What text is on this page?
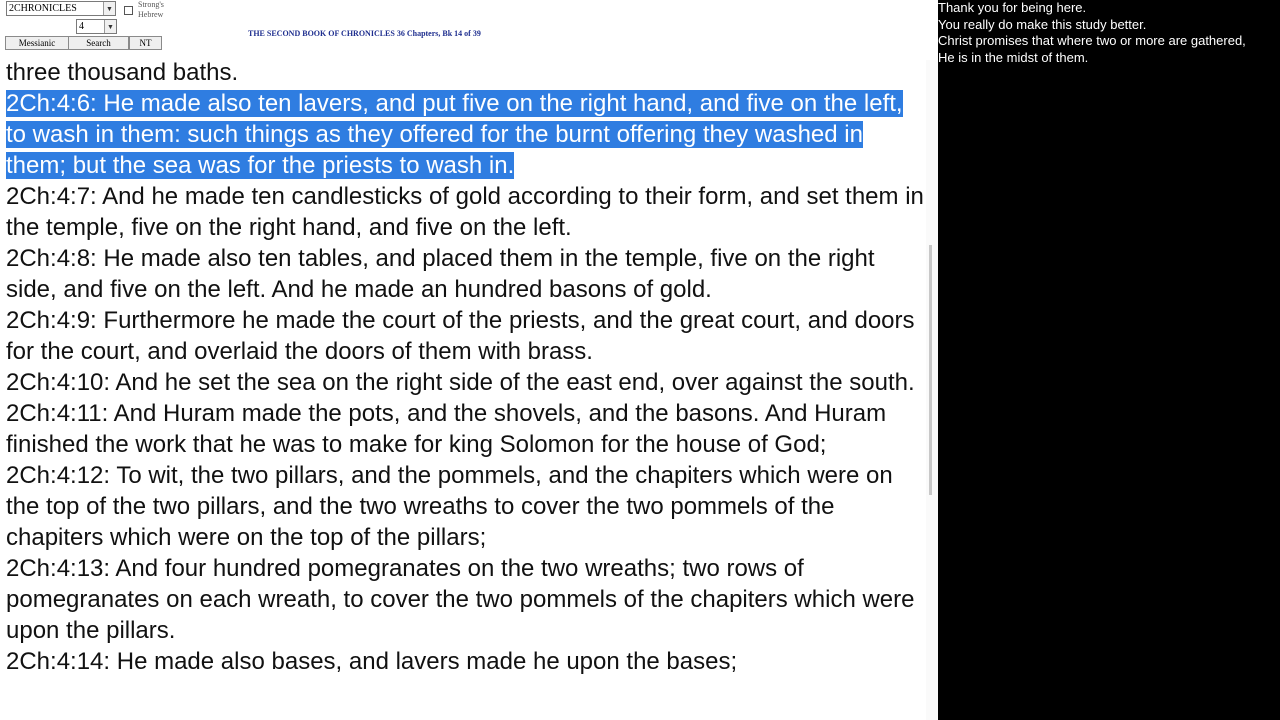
2CHRONICLES	▼
4	▼
Strong's Hebrew
Messianic	Search	NT
THE SECOND BOOK OF CHRONICLES 36 Chapters, Bk 14 of 39

three thousand baths.

2Ch:4:6: He made also ten lavers, and put five on the right hand, and five on the left, to wash in them: such things as they offered for the burnt offering they washed in them; but the sea was for the priests to wash in.

2Ch:4:7: And he made ten candlesticks of gold according to their form, and set them in the temple, five on the right hand, and five on the left.

2Ch:4:8: He made also ten tables, and placed them in the temple, five on the right side, and five on the left. And he made an hundred basons of gold.

2Ch:4:9: Furthermore he made the court of the priests, and the great court, and doors for the court, and overlaid the doors of them with brass.

2Ch:4:10: And he set the sea on the right side of the east end, over against the south.

2Ch:4:11: And Huram made the pots, and the shovels, and the basons. And Huram finished the work that he was to make for king Solomon for the house of God;

2Ch:4:12: To wit, the two pillars, and the pommels, and the chapiters which were on the top of the two pillars, and the two wreaths to cover the two pommels of the chapiters which were on the top of the pillars;

2Ch:4:13: And four hundred pomegranates on the two wreaths; two rows of pomegranates on each wreath, to cover the two pommels of the chapiters which were upon the pillars.

2Ch:4:14: He made also bases, and lavers made he upon the bases;

Thank you for being here.
You really do make this study better.
Christ promises that where two or more are gathered,
He is in the midst of them.
